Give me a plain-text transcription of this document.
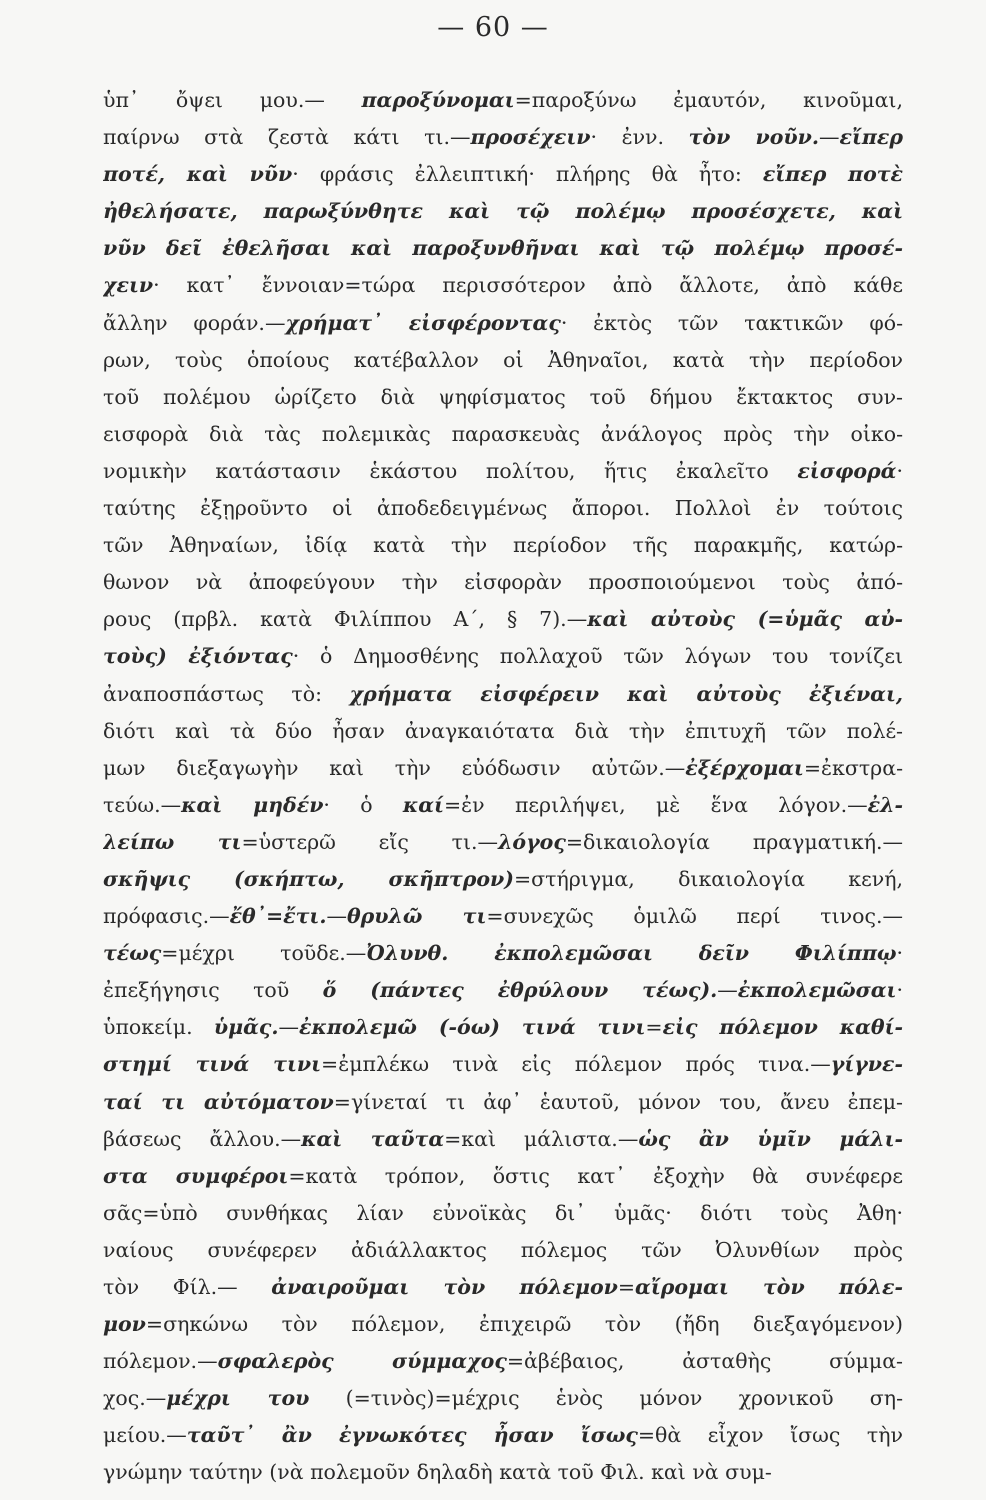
— 60 —
ὑπ᾽ ὄψει μου.— παροξύνομαι=παροξύνω ἐμαυτόν, κινοῦμαι,
παίρνω στὰ ζεστὰ κάτι τι.—προσέχειν· ἐνν. τὸν νοῦν.—εἴπερ
ποτέ, καὶ νῦν· φράσις ἐλλειπτική· πλήρης θὰ ἦτο: εἴπερ ποτὲ
ἠθελήσατε, παρωξύνθητε καὶ τῷ πολέμῳ προσέσχετε, καὶ
νῦν δεῖ ἐθελῆσαι καὶ παροξυνθῆναι καὶ τῷ πολέμῳ προσέ-
χειν· κατ᾽ ἔννοιαν=τώρα περισσότερον ἀπὸ ἄλλοτε, ἀπὸ κάθε
ἄλλην φοράν.—χρήματ᾽ εἰσφέροντας· ἐκτὸς τῶν τακτικῶν φό-
ρων, τοὺς ὁποίους κατέβαλλον οἱ Ἀθηναῖοι, κατὰ τὴν περίοδον
τοῦ πολέμου ὡρίζετο διὰ ψηφίσματος τοῦ δήμου ἔκτακτος συν-
εισφορὰ διὰ τὰς πολεμικὰς παρασκευὰς ἀνάλογος πρὸς τὴν οἰκο-
νομικὴν κατάστασιν ἑκάστου πολίτου, ἥτις ἐκαλεῖτο εἰσφορά·
ταύτης ἐξῃροῦντο οἱ ἀποδεδειγμένως ἄποροι. Πολλοὶ ἐν τούτοις
τῶν Ἀθηναίων, ἰδίᾳ κατὰ τὴν περίοδον τῆς παρακμῆς, κατώρ-
θωνον νὰ ἀποφεύγουν τὴν εἰσφορὰν προσποιούμενοι τοὺς ἀπό-
ρους (πρβλ. κατὰ Φιλίππου Α΄, § 7).—καὶ αὐτοὺς (=ὑμᾶς αὐ-
τοὺς) ἐξιόντας· ὁ Δημοσθένης πολλαχοῦ τῶν λόγων του τονίζει
ἀναποσπάστως τὸ: χρήματα εἰσφέρειν καὶ αὐτοὺς ἐξιέναι,
διότι καὶ τὰ δύο ἦσαν ἀναγκαιότατα διὰ τὴν ἐπιτυχῆ τῶν πολέ-
μων διεξαγωγὴν καὶ τὴν εὐόδωσιν αὐτῶν.—ἐξέρχομαι=ἐκστρα-
τεύω.—καὶ μηδέν· ὁ καί=ἐν περιλήψει, μὲ ἕνα λόγον.—ἐλ-
λείπω τι=ὑστερῶ εἴς τι.—λόγος=δικαιολογία πραγματική.—
σκῆψις (σκήπτω, σκῆπτρον)=στήριγμα, δικαιολογία κενή,
πρόφασις.—ἔθ᾽=ἔτι.—θρυλῶ τι=συνεχῶς ὁμιλῶ περί τινος.—
τέως=μέχρι τοῦδε.—Ὀλυνθ. ἐκπολεμῶσαι δεῖν Φιλίππῳ·
ἐπεξήγησις τοῦ ὅ (πάντες ἐθρύλουν τέως).—ἐκπολεμῶσαι·
ὑποκείμ. ὑμᾶς.—ἐκπολεμῶ (-όω) τινά τινι=εἰς πόλεμον καθί-
στημί τινά τινι=ἐμπλέκω τινὰ εἰς πόλεμον πρός τινα.—γίγνε-
ταί τι αὐτόματον=γίνεταί τι ἀφ᾽ ἑαυτοῦ, μόνον του, ἄνευ ἐπεμ-
βάσεως ἄλλου.—καὶ ταῦτα=καὶ μάλιστα.—ὡς ἂν ὑμῖν μάλι-
στα συμφέροι=κατὰ τρόπον, ὅστις κατ᾽ ἐξοχὴν θὰ συνέφερε
σᾶς=ὑπὸ συνθήκας λίαν εὐνοϊκὰς δι᾽ ὑμᾶς· διότι τοὺς Ἀθη·
ναίους συνέφερεν ἀδιάλλακτος πόλεμος τῶν Ὀλυνθίων πρὸς
τὸν Φίλ.— ἀναιροῦμαι τὸν πόλεμον=αἴρομαι τὸν πόλε-
μον=σηκώνω τὸν πόλεμον, ἐπιχειρῶ τὸν (ἤδη διεξαγόμενον)
πόλεμον.—σφαλερὸς σύμμαχος=ἀβέβαιος, ἀσταθὴς σύμμα-
χος.—μέχρι του (=τινὸς)=μέχρις ἑνὸς μόνον χρονικοῦ ση-
μείου.—ταῦτ᾽ ἂν ἐγνωκότες ἦσαν ἴσως=θὰ εἶχον ἴσως τὴν
γνώμην ταύτην (νὰ πολεμοῦν δηλαδὴ κατὰ τοῦ Φιλ. καὶ νὰ συμ-
